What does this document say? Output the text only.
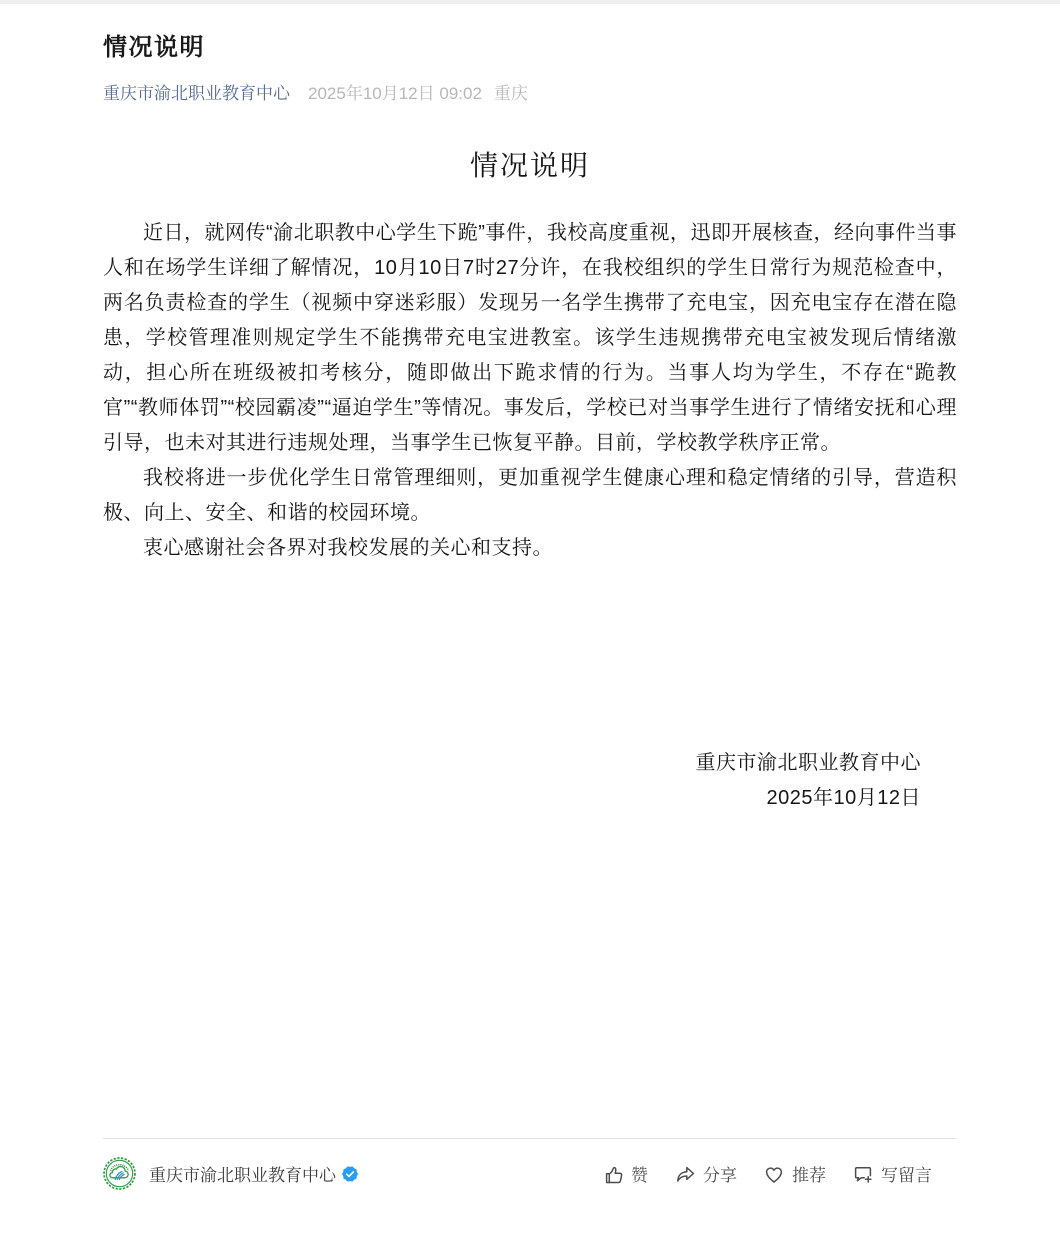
情况说明
重庆市渝北职业教育中心 2025年10月12日 09:02 重庆
情况说明

近日，就网传“渝北职教中心学生下跪”事件，我校高度重视，迅即开展核查，经向事件当事人和在场学生详细了解情况，10月10日7时27分许，在我校组织的学生日常行为规范检查中，两名负责检查的学生（视频中穿迷彩服）发现另一名学生携带了充电宝，因充电宝存在潜在隐患，学校管理准则规定学生不能携带充电宝进教室。该学生违规携带充电宝被发现后情绪激动，担心所在班级被扣考核分，随即做出下跪求情的行为。当事人均为学生，不存在“跪教官”“教师体罚”“校园霸凌”“逼迫学生”等情况。事发后，学校已对当事学生进行了情绪安抚和心理引导，也未对其进行违规处理，当事学生已恢复平静。目前，学校教学秩序正常。

我校将进一步优化学生日常管理细则，更加重视学生健康心理和稳定情绪的引导，营造积极、向上、安全、和谐的校园环境。

衷心感谢社会各界对我校发展的关心和支持。

重庆市渝北职业教育中心
2025年10月12日
重庆市渝北职业教育中心	赞	分享	推荐	写留言
